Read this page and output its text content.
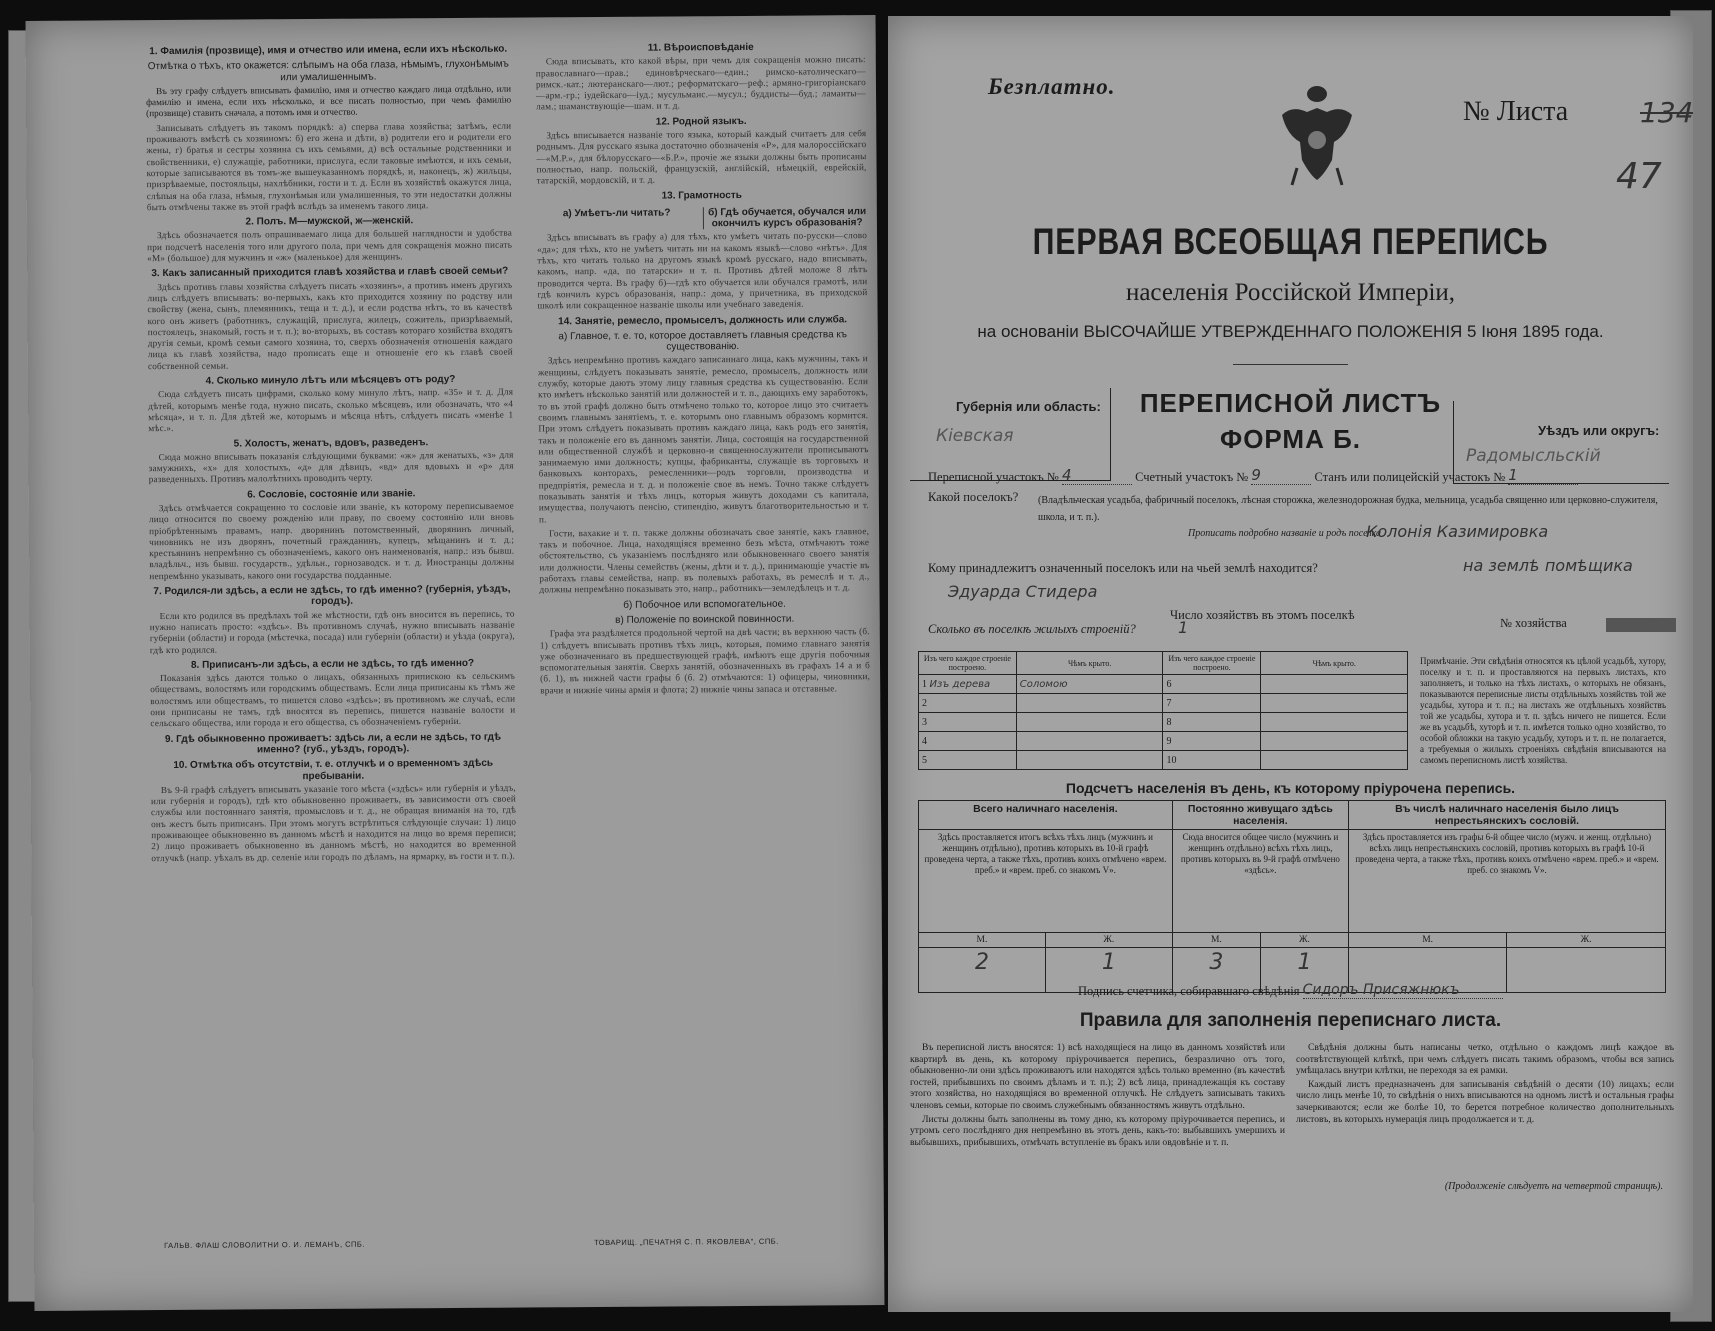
1. Фамилія (прозвище), имя и отчество или имена, если ихъ нѣсколько.
Отмѣтка о тѣхъ, кто окажется: слѣпымъ на оба глаза, нѣмымъ, глухонѣмымъ или умалишеннымъ.

Въ эту графу слѣдуетъ вписывать фамилію, имя и отчество каждаго лица отдѣльно, или фамилію и имена, если ихъ нѣсколько, и все писать полностью, при чемъ фамилію (прозвище) ставить сначала, а потомъ имя и отчество.

Записывать слѣдуетъ въ такомъ порядкѣ: а) сперва глава хозяйства; затѣмъ, если проживаютъ вмѣстѣ съ хозяиномъ: б) его жена и дѣти, в) родители его и родители его жены, г) братья и сестры хозяина съ ихъ семьями, д) всѣ остальные родственники и свойственники, е) служащіе, работники, прислуга, если таковые имѣются, и ихъ семьи, которые записываются въ томъ-же вышеуказанномъ порядкѣ, и, наконецъ, ж) жильцы, призрѣваемые, постояльцы, нахлѣбники, гости и т. д. Если въ хозяйствѣ окажутся лица, слѣпыя на оба глаза, нѣмыя, глухонѣмыя или умалишенныя, то эти недостатки должны быть отмѣчены также въ этой графѣ вслѣдъ за именемъ такого лица.

2. Полъ. М—мужской, ж—женскій.

Здѣсь обозначается полъ опрашиваемаго лица для большей наглядности и удобства при подсчетѣ населенія того или другого пола, при чемъ для сокращенія можно писать «М» (большое) для мужчинъ и «ж» (маленькое) для женщинъ.

3. Какъ записанный приходится главѣ хозяйства и главѣ своей семьи?

Здѣсь противъ главы хозяйства слѣдуетъ писать «хозяинъ», а противъ именъ другихъ лицъ слѣдуетъ вписывать: во-первыхъ, какъ кто приходится хозяину по родству или свойству (жена, сынъ, племянникъ, теща и т. д.), и если родства нѣтъ, то въ качествѣ кого онъ живетъ (работникъ, служащій, прислуга, жилецъ, сожитель, призрѣваемый, постоялецъ, знакомый, гость и т. п.); во-вторыхъ, въ составъ котораго хозяйства входятъ другія семьи, кромѣ семьи самого хозяина, то, сверхъ обозначенія отношенія каждаго лица къ главѣ хозяйства, надо прописать еще и отношеніе его къ главѣ своей собственной семьи.

4. Сколько минуло лѣтъ или мѣсяцевъ отъ роду?

Сюда слѣдуетъ писать цифрами, сколько кому минуло лѣтъ, напр. «35» и т. д. Для дѣтей, которымъ менѣе года, нужно писать, сколько мѣсяцевъ, или обозначать, что «4 мѣсяца», и т. п. Для дѣтей же, которымъ и мѣсяца нѣтъ, слѣдуетъ писать «менѣе 1 мѣс.».

5. Холостъ, женатъ, вдовъ, разведенъ.

Сюда можно вписывать показанія слѣдующими буквами: «ж» для женатыхъ, «з» для замужнихъ, «х» для холостыхъ, «д» для дѣвицъ, «вд» для вдовыхъ и «р» для разведенныхъ. Противъ малолѣтнихъ проводить черту.

6. Сословіе, состояніе или званіе.

Здѣсь отмѣчается сокращенно то сословіе или званіе, къ которому переписываемое лицо относится по своему рожденію или праву, по своему состоянію или вновь пріобрѣтеннымъ правамъ, напр. дворянинъ потомственный, дворянинъ личный, чиновникъ не изъ дворянъ, почетный гражданинъ, купецъ, мѣщанинъ и т. д.; крестьянинъ непремѣнно съ обозначеніемъ, какого онъ наименованія, напр.: изъ бывш. владѣльч., изъ бывш. государств., удѣльн., горнозаводск. и т. д. Иностранцы должны непремѣнно указывать, какого они государства подданные.

7. Родился-ли здѣсь, а если не здѣсь, то гдѣ именно? (губернія, уѣздъ, городъ).

Если кто родился въ предѣлахъ той же мѣстности, гдѣ онъ вносится въ перепись, то нужно написать просто: «здѣсь». Въ противномъ случаѣ, нужно вписывать названіе губерніи (области) и города (мѣстечка, посада) или губерніи (области) и уѣзда (округа), гдѣ кто родился.

8. Приписанъ-ли здѣсь, а если не здѣсь, то гдѣ именно?

Показанія здѣсь даются только о лицахъ, обязанныхъ припискою къ сельскимъ обществамъ, волостямъ или городскимъ обществамъ. Если лица приписаны къ тѣмъ же волостямъ или обществамъ, то пишется слово «здѣсь»; въ противномъ же случаѣ, если они приписаны не тамъ, гдѣ вносятся въ перепись, пишется названіе волости и сельскаго общества, или города и его общества, съ обозначеніемъ губерніи.

9. Гдѣ обыкновенно проживаетъ: здѣсь ли, а если не здѣсь, то гдѣ именно? (губ., уѣздъ, городъ).
10. Отмѣтка объ отсутствіи, т. е. отлучкѣ и о временномъ здѣсь пребываніи.

Въ 9-й графѣ слѣдуетъ вписывать указаніе того мѣста («здѣсь» или губернія и уѣздъ, или губернія и городъ), гдѣ кто обыкновенно проживаетъ, въ зависимости отъ своей службы или постояннаго занятія, промысловъ и т. д., не обращая вниманія на то, гдѣ онъ жестъ быть приписанъ. При этомъ могутъ встрѣтиться слѣдующіе случаи: 1) лицо проживающее обыкновенно въ данномъ мѣстѣ и находится на лицо во время переписи; 2) лицо проживаетъ обыкновенно въ данномъ мѣстѣ, но находится во временной отлучкѣ (напр. уѣхалъ въ др. селеніе или городъ по дѣламъ, на ярмарку, въ гости и т. п.).

ГАЛЬВ. ФЛАШ СЛОВОЛИТНИ О. И. ЛЕМАНЪ, СПБ.
11. Вѣроисповѣданіе

Сюда вписывать, кто какой вѣры, при чемъ для сокращенія можно писать: православнаго—прав.; единовѣрческаго—един.; римско-католическаго—римск.-кат.; лютеранскаго—лют.; реформатскаго—реф.; армяно-григоріанскаго—арм.-гр.; іудейскаго—іуд.; мусульманс.—мусул.; буддисты—буд.; ламаиты—лам.; шаманствующіе—шам. и т. д.

12. Родной языкъ.

Здѣсь вписывается названіе того языка, который каждый считаетъ для себя роднымъ. Для русскаго языка достаточно обозначенія «Р», для малороссійскаго—«М.Р.», для бѣлорусскаго—«Б.Р.», прочіе же языки должны быть прописаны полностью, напр. польскій, французскій, англійскій, нѣмецкій, еврейскій, татарскій, мордовскій, и т. д.

13. Грамотность
а) Умѣетъ-ли читать?	б) Гдѣ обучается, обучался или окончилъ курсъ образованія?

Здѣсь вписывать въ графу а) для тѣхъ, кто умѣетъ читать по-русски—слово «да»; для тѣхъ, кто не умѣетъ читать ни на какомъ языкѣ—слово «нѣтъ». Для тѣхъ, кто читать только на другомъ языкѣ кромѣ русскаго, надо вписывать, какомъ, напр. «да, по татарски» и т. п. Противъ дѣтей моложе 8 лѣтъ проводится черта. Въ графу б)—гдѣ кто обучается или обучался грамотѣ, или гдѣ кончилъ курсъ образованія, напр.: дома, у причетника, въ приходской школѣ или сокращенное названіе школы или учебнаго заведенія.

14. Занятіе, ремесло, промыселъ, должность или служба.
а) Главное, т. е. то, которое доставляетъ главныя средства къ существованію.

Здѣсь непремѣнно противъ каждаго записаннаго лица, какъ мужчины, такъ и женщины, слѣдуетъ показывать занятіе, ремесло, промыселъ, должность или службу, которые даютъ этому лицу главныя средства къ существованію. Если кто имѣетъ нѣсколько занятій или должностей и т. п., дающихъ ему заработокъ, то въ этой графѣ должно быть отмѣчено только то, которое лицо это считаетъ своимъ главнымъ занятіемъ, т. е. которымъ оно главнымъ образомъ кормится. При этомъ слѣдуетъ показывать противъ каждаго лица, какъ родъ его занятія, такъ и положеніе его въ данномъ занятіи. Лица, состоящія на государственной или общественной службѣ и церковно-и священнослужители прописываютъ занимаемую ими должность; купцы, фабриканты, служащіе въ торговыхъ и банковыхъ конторахъ, ремесленники—родъ торговли, производства и предпріятія, ремесла и т. д. и положеніе свое въ немъ. Точно также слѣдуетъ показывать занятія и тѣхъ лицъ, которыя живутъ доходами съ капитала, имущества, получаютъ пенсію, стипендію, живутъ благотворительностью и т. п.

Гости, вахакие и т. п. также должны обозначать свое занятіе, какъ главное, такъ и побочное. Лица, находящіяся временно безъ мѣста, отмѣчаютъ тоже обстоятельство, съ указаніемъ послѣдняго или обыкновеннаго своего занятія или должности. Члены семействъ (жены, дѣти и т. д.), принимающіе участіе въ работахъ главы семейства, напр. въ полевыхъ работахъ, въ ремеслѣ и т. д., должны непремѣнно показывать это, напр., работникъ—земледѣлецъ и т. д.

б) Побочное или вспомогательное.
в) Положеніе по воинской повинности.

Графа эта раздѣляется продольной чертой на двѣ части; въ верхнюю часть (б. 1) слѣдуетъ вписывать противъ тѣхъ лицъ, которыя, помимо главнаго занятія уже обозначеннаго въ предшествующей графѣ, имѣютъ еще другія побочныя вспомогательныя занятія. Сверхъ занятій, обозначенныхъ въ графахъ 14 а и б (б. 1), въ нижней части графы б (б. 2) отмѣчаются: 1) офицеры, чиновники, врачи и нижніе чины армія и флота; 2) нижніе чины запаса и отставные.

ТОВАРИЩ. „ПЕЧАТНЯ С. П. ЯКОВЛЕВА", СПБ.
Безплатно.
№ Листа	134
47
ПЕРВАЯ ВСЕОБЩАЯ ПЕРЕПИСЬ
населенія Россійской Имперіи,
на основаніи ВЫСОЧАЙШЕ УТВЕРЖДЕННАГО ПОЛОЖЕНІЯ 5 Іюня 1895 года.
Губернія или область:
Кіевская	Уѣздъ или округъ:
Радомысльскій
ПЕРЕПИСНОЙ ЛИСТЪ
ФОРМА Б.
Переписной участокъ № 4	Счетный участокъ № 9	Станъ или полицейскій участокъ № 1
Какой поселокъ? (Владѣльческая усадьба, фабричный поселокъ, лѣсная сторожка, железнодорожная будка, мельница, усадьба священно или церковно-служителя, школа, и т. п.).
Прописать подробно названіе и родъ поселка
Колонія Казимировка
Кому принадлежитъ означенный поселокъ или на чьей землѣ находится?	на землѣ помѣщика
Эдуарда Стидера
Число хозяйствъ въ этомъ поселкѣ
№ хозяйства
Сколько въ поселкѣ жилыхъ строеній?	1
Изъ чего каждое строеніе построено.	Чѣмъ крыто.	Изъ чего каждое строеніе построено.	Чѣмъ крыто.
1 Изъ дерева	Соломою	6	
2		7	
3		8	
4		9	
5		10	
Примѣчаніе. Эти свѣдѣнія относятся къ цѣлой усадьбѣ, хутору, поселку и т. п. и проставляются на первыхъ листахъ, кто заполняетъ, и только на тѣхъ листахъ, о которыхъ не обязанъ, показываются переписные листы отдѣльныхъ хозяйствъ той же усадьбы, хутора и т. п.; на листахъ же отдѣльныхъ хозяйствъ той же усадьбы, хутора и т. п. здѣсь ничего не пишется. Если же въ усадьбѣ, хуторѣ и т. п. имѣется только одно хозяйство, то особой обложки на такую усадьбу, хуторъ и т. п. не полагается, а требуемыя о жилыхъ строеніяхъ свѣдѣнія вписываются на самомъ переписномъ листѣ хозяйства.
Подсчетъ населенія въ день, къ которому пріурочена перепись.
Всего наличнаго населенія.		Постоянно живущаго здѣсь населенія.		Въ числѣ наличнаго населенія было лицъ непрестьянскихъ сословій.	
Здѣсь проставляется итогъ всѣхъ тѣхъ лицъ (мужчинъ и женщинъ отдѣльно), противъ которыхъ въ 10-й графѣ проведена черта, а также тѣхъ, противъ коихъ отмѣчено «врем. преб.» и «врем. преб. со знакомъ V».		Сюда вносится общее число (мужчинъ и женщинъ отдѣльно) всѣхъ тѣхъ лицъ, противъ которыхъ въ 9-й графѣ отмѣчено «здѣсь».		Здѣсь проставляется изъ графы 6-й общее число (мужч. и женщ. отдѣльно) всѣхъ лицъ непрестьянскихъ сословій, противъ которыхъ въ графѣ 10-й проведена черта, а также тѣхъ, противъ коихъ отмѣчено «врем. преб.» и «врем. преб. со знакомъ V».	
М.	Ж.	М.	Ж.	М.	Ж.
2	1	3	1		
Подпись счетчика, собиравшаго свѣдѣнія Сидоръ Присяжнюкъ
Правила для заполненія переписнаго листа.

Въ переписной листъ вносятся: 1) всѣ находящіеся на лицо въ данномъ хозяйствѣ или квартирѣ въ день, къ которому пріурочивается перепись, безразлично отъ того, обыкновенно-ли они здѣсь проживаютъ или находятся здѣсь только временно (въ качествѣ гостей, прибывшихъ по своимъ дѣламъ и т. п.); 2) всѣ лица, принадлежащія къ составу этого хозяйства, но находящіяся во временной отлучкѣ. Не слѣдуетъ записывать такихъ членовъ семьи, которые по своимъ служебнымъ обязанностямъ живутъ отдѣльно.

Листы должны быть заполнены въ тому дню, къ которому пріурочивается перепись, и утромъ сего послѣдняго дня непремѣнно въ этотъ день, какъ-то: выбывшихъ умершихъ и выбывшихъ, прибывшихъ, отмѣчать вступленіе въ бракъ или овдовѣніе и т. п.

Свѣдѣнія должны быть написаны четко, отдѣльно о каждомъ лицѣ каждое въ соотвѣтствующей клѣткѣ, при чемъ слѣдуетъ писать такимъ образомъ, чтобы вся запись умѣщалась внутри клѣтки, не переходя за ея рамки.

Каждый листъ предназначенъ для записыванія свѣдѣній о десяти (10) лицахъ; если число лицъ менѣе 10, то свѣдѣнія о нихъ вписываются на одномъ листѣ и остальныя графы зачеркиваются; если же болѣе 10, то берется потребное количество дополнительныхъ листовъ, въ которыхъ нумерація лицъ продолжается и т. д.

(Продолженіе слѣдуетъ на четвертой страницѣ).
